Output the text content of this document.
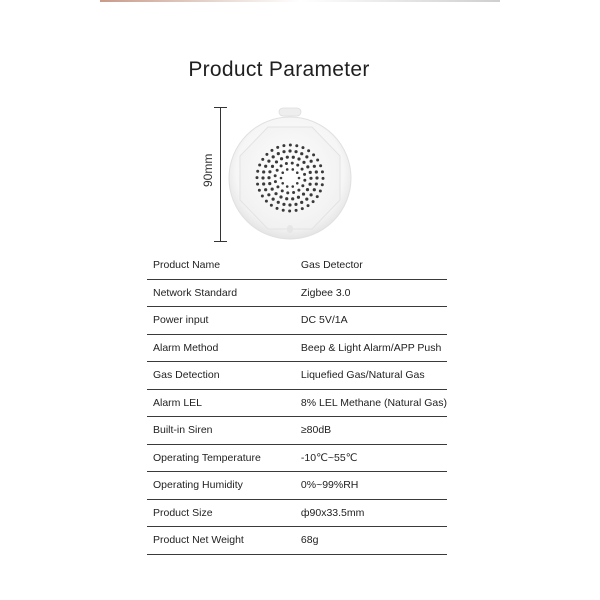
Product Parameter
90mm
Product Name	Gas Detector
Network Standard	Zigbee 3.0
Power input	DC 5V/1A
Alarm Method	Beep & Light Alarm/APP Push
Gas Detection	Liquefied Gas/Natural Gas
Alarm LEL	8% LEL Methane (Natural Gas)
Built-in Siren	≥80dB
Operating Temperature	-10℃~55℃
Operating Humidity	0%~99%RH
Product Size	ф90x33.5mm
Product Net Weight	68g
